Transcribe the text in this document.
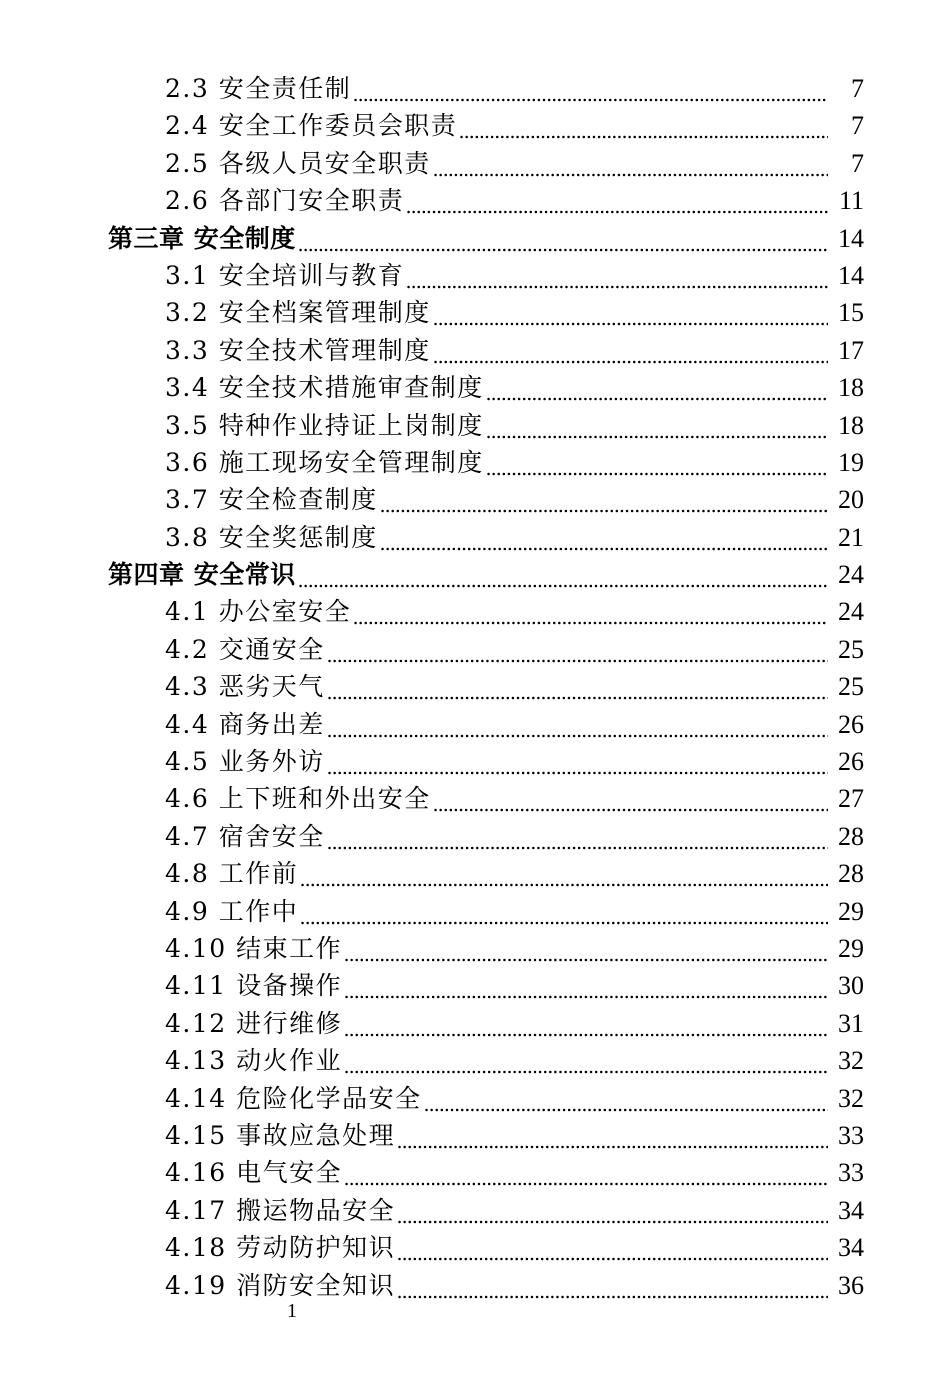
2.3 安全责任制	7
2.4 安全工作委员会职责	7
2.5 各级人员安全职责	7
2.6 各部门安全职责	11
第三章 安全制度	14
3.1 安全培训与教育	14
3.2 安全档案管理制度	15
3.3 安全技术管理制度	17
3.4 安全技术措施审查制度	18
3.5 特种作业持证上岗制度	18
3.6 施工现场安全管理制度	19
3.7 安全检查制度	20
3.8 安全奖惩制度	21
第四章 安全常识	24
4.1 办公室安全	24
4.2 交通安全	25
4.3 恶劣天气	25
4.4 商务出差	26
4.5 业务外访	26
4.6 上下班和外出安全	27
4.7 宿舍安全	28
4.8 工作前	28
4.9 工作中	29
4.10 结束工作	29
4.11 设备操作	30
4.12 进行维修	31
4.13 动火作业	32
4.14 危险化学品安全	32
4.15 事故应急处理	33
4.16 电气安全	33
4.17 搬运物品安全	34
4.18 劳动防护知识	34
4.19 消防安全知识	36
1
